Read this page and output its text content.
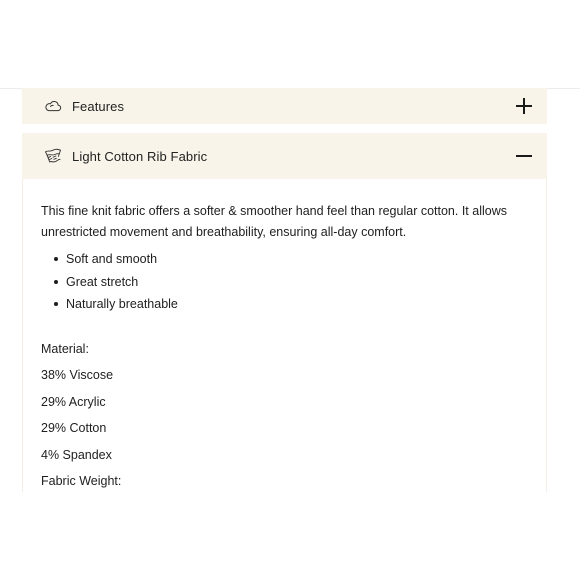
Features
Light Cotton Rib Fabric

This fine knit fabric offers a softer & smoother hand feel than regular cotton. It allows unrestricted movement and breathability, ensuring all-day comfort.

Soft and smooth
Great stretch
Naturally breathable

Material:

38% Viscose

29% Acrylic

29% Cotton

4% Spandex

Fabric Weight:
